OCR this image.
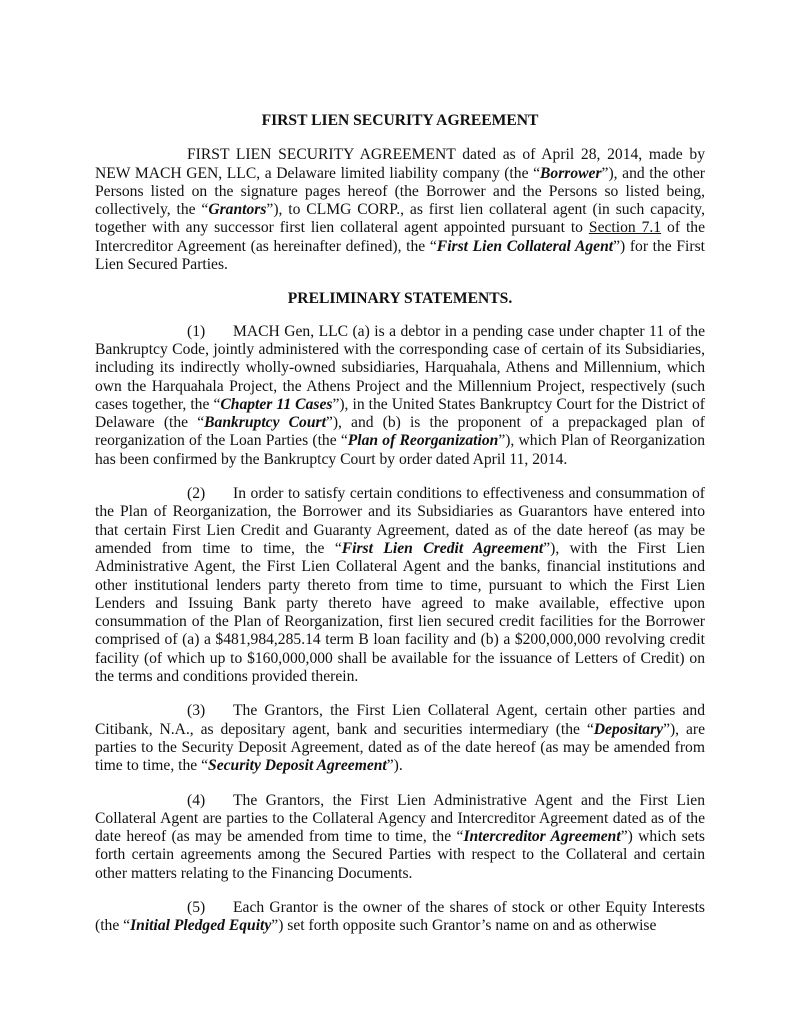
FIRST LIEN SECURITY AGREEMENT

FIRST LIEN SECURITY AGREEMENT dated as of April 28, 2014, made by NEW MACH GEN, LLC, a Delaware limited liability company (the “Borrower”), and the other Persons listed on the signature pages hereof (the Borrower and the Persons so listed being, collectively, the “Grantors”), to CLMG CORP., as first lien collateral agent (in such capacity, together with any successor first lien collateral agent appointed pursuant to Section 7.1 of the Intercreditor Agreement (as hereinafter defined), the “First Lien Collateral Agent”) for the First Lien Secured Parties.

PRELIMINARY STATEMENTS.

(1) MACH Gen, LLC (a) is a debtor in a pending case under chapter 11 of the Bankruptcy Code, jointly administered with the corresponding case of certain of its Subsidiaries, including its indirectly wholly-owned subsidiaries, Harquahala, Athens and Millennium, which own the Harquahala Project, the Athens Project and the Millennium Project, respectively (such cases together, the “Chapter 11 Cases”), in the United States Bankruptcy Court for the District of Delaware (the “Bankruptcy Court”), and (b) is the proponent of a prepackaged plan of reorganization of the Loan Parties (the “Plan of Reorganization”), which Plan of Reorganization has been confirmed by the Bankruptcy Court by order dated April 11, 2014.

(2) In order to satisfy certain conditions to effectiveness and consummation of the Plan of Reorganization, the Borrower and its Subsidiaries as Guarantors have entered into that certain First Lien Credit and Guaranty Agreement, dated as of the date hereof (as may be amended from time to time, the “First Lien Credit Agreement”), with the First Lien Administrative Agent, the First Lien Collateral Agent and the banks, financial institutions and other institutional lenders party thereto from time to time, pursuant to which the First Lien Lenders and Issuing Bank party thereto have agreed to make available, effective upon consummation of the Plan of Reorganization, first lien secured credit facilities for the Borrower comprised of (a) a $481,984,285.14 term B loan facility and (b) a $200,000,000 revolving credit facility (of which up to $160,000,000 shall be available for the issuance of Letters of Credit) on the terms and conditions provided therein.

(3) The Grantors, the First Lien Collateral Agent, certain other parties and Citibank, N.A., as depositary agent, bank and securities intermediary (the “Depositary”), are parties to the Security Deposit Agreement, dated as of the date hereof (as may be amended from time to time, the “Security Deposit Agreement”).

(4) The Grantors, the First Lien Administrative Agent and the First Lien Collateral Agent are parties to the Collateral Agency and Intercreditor Agreement dated as of the date hereof (as may be amended from time to time, the “Intercreditor Agreement”) which sets forth certain agreements among the Secured Parties with respect to the Collateral and certain other matters relating to the Financing Documents.

(5) Each Grantor is the owner of the shares of stock or other Equity Interests (the “Initial Pledged Equity”) set forth opposite such Grantor’s name on and as otherwise
